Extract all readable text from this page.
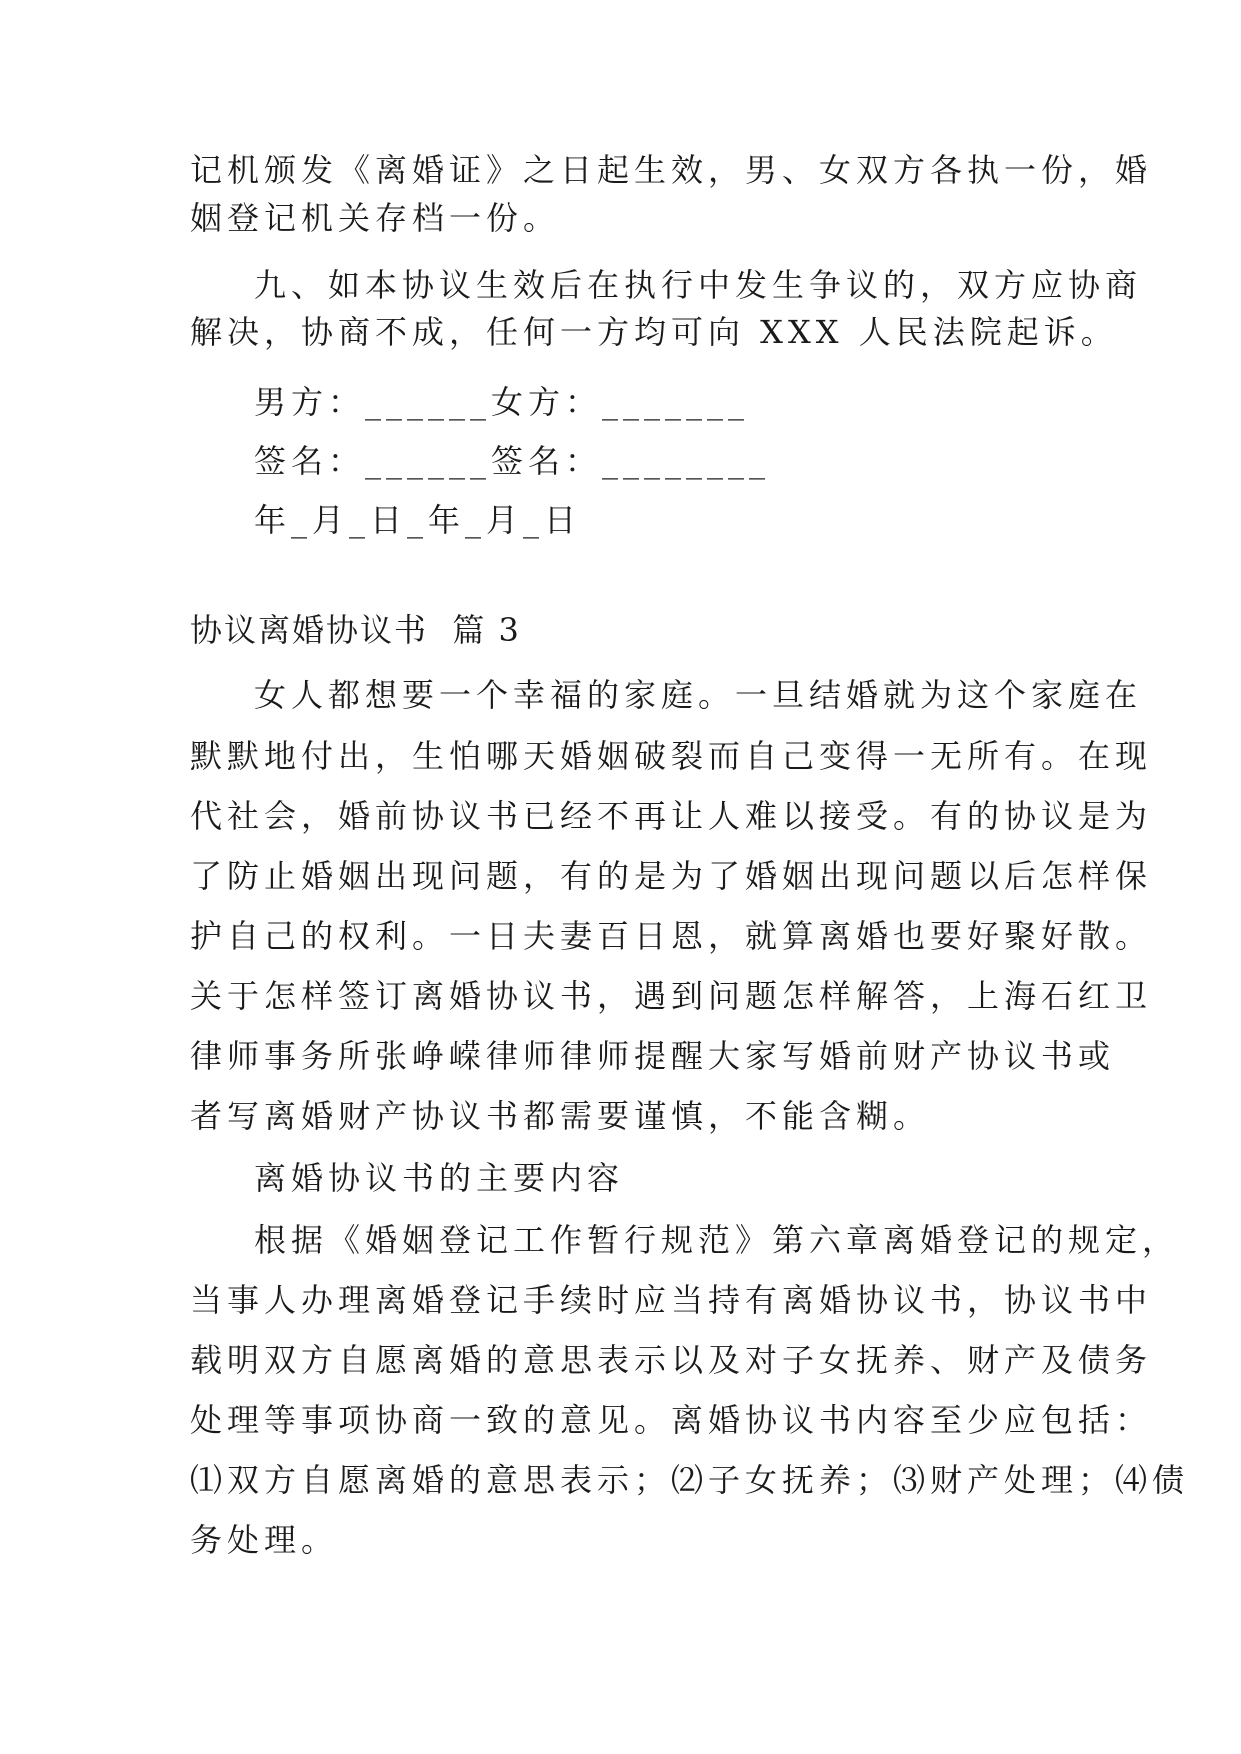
记机颁发《离婚证》之日起生效，男、女双方各执一份，婚
姻登记机关存档一份。
九、如本协议生效后在执行中发生争议的，双方应协商
解决，协商不成，任何一方均可向 XXX 人民法院起诉。
男方：______女方：_______
签名：______签名：________
年_月_日_年_月_日
协议离婚协议书  篇 3
女人都想要一个幸福的家庭。一旦结婚就为这个家庭在
默默地付出，生怕哪天婚姻破裂而自己变得一无所有。在现
代社会，婚前协议书已经不再让人难以接受。有的协议是为
了防止婚姻出现问题，有的是为了婚姻出现问题以后怎样保
护自己的权利。一日夫妻百日恩，就算离婚也要好聚好散。
关于怎样签订离婚协议书，遇到问题怎样解答，上海石红卫
律师事务所张峥嵘律师律师提醒大家写婚前财产协议书或
者写离婚财产协议书都需要谨慎，不能含糊。
离婚协议书的主要内容
根据《婚姻登记工作暂行规范》第六章离婚登记的规定，
当事人办理离婚登记手续时应当持有离婚协议书，协议书中
载明双方自愿离婚的意思表示以及对子女抚养、财产及债务
处理等事项协商一致的意见。离婚协议书内容至少应包括：
⑴双方自愿离婚的意思表示；⑵子女抚养；⑶财产处理；⑷债
务处理。
